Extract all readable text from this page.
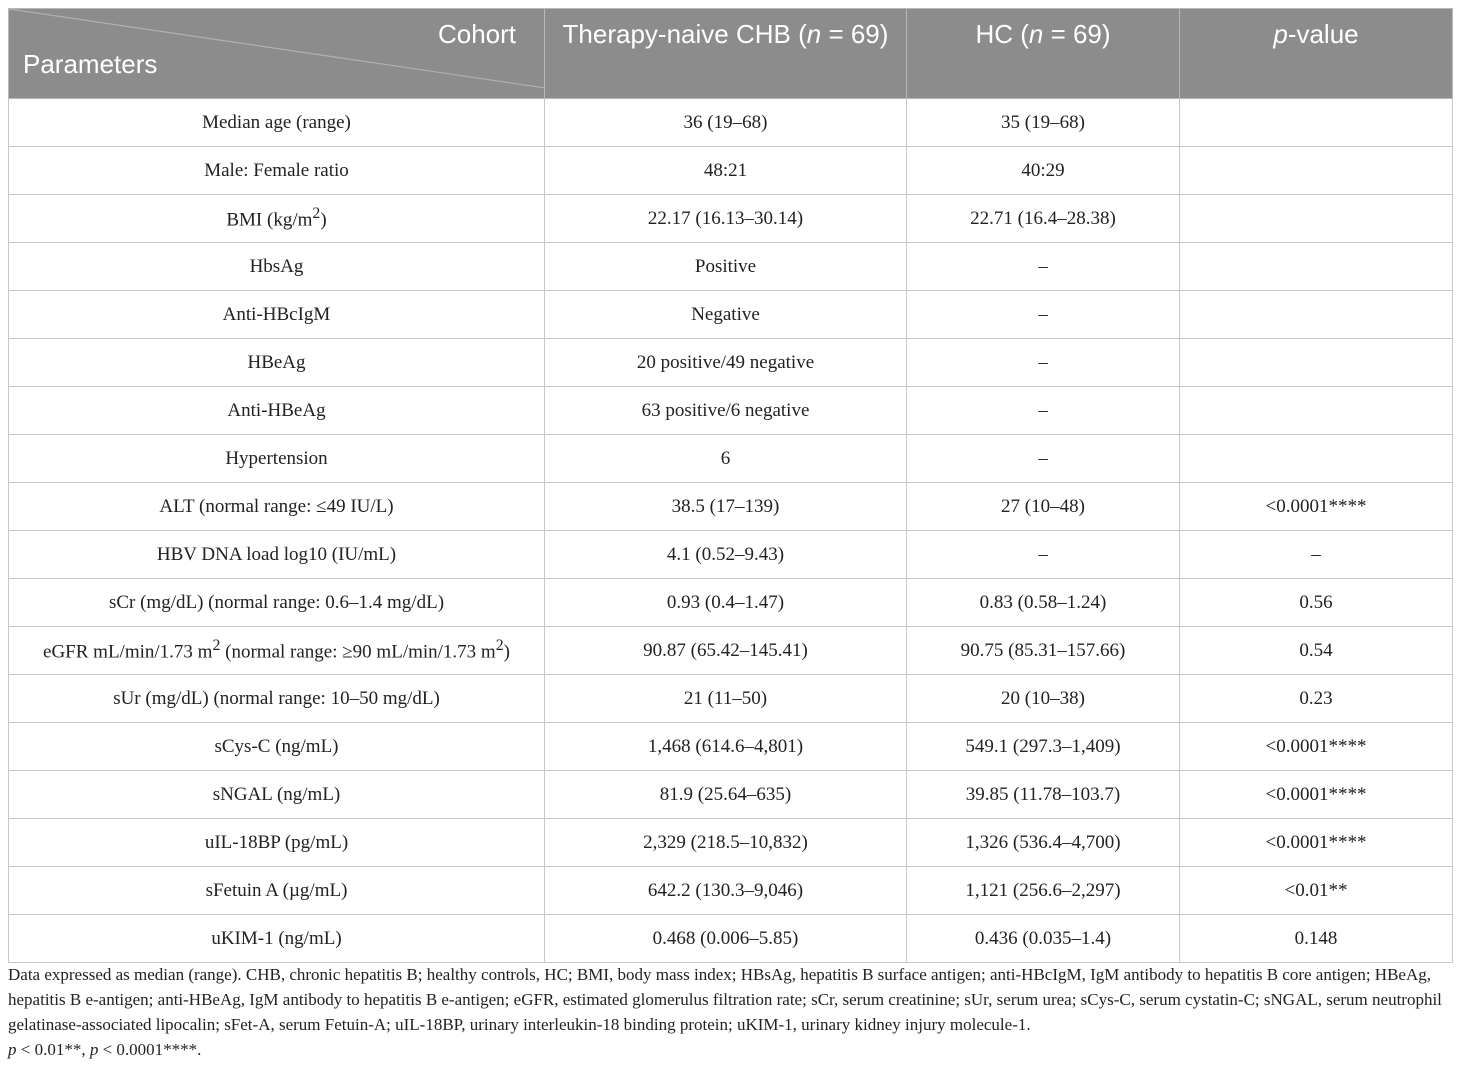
Cohort
Parameters	Therapy-naive CHB (n = 69)	HC (n = 69)	p-value
Median age (range)	36 (19–68)	35 (19–68)	
Male: Female ratio	48:21	40:29	
BMI $(kg/m^2)$	22.17 (16.13–30.14)	22.71 (16.4–28.38)	
HbsAg	Positive	–	
Anti-HBcIgM	Negative	–	
HBeAg	20 positive/49 negative	–	
Anti-HBeAg	63 positive/6 negative	–	
Hypertension	6	–	
ALT (normal range: ≤49 IU/L)	38.5 (17–139)	27 (10–48)	<0.0001****
HBV DNA load log10 (IU/mL)	4.1 (0.52–9.43)	–	–
sCr (mg/dL) (normal range: 0.6–1.4 mg/dL)	0.93 (0.4–1.47)	0.83 (0.58–1.24)	0.56
eGFR mL/min/1.73 $m^2$ (normal range: ≥90 mL/min/1.73 $m^2$)	90.87 (65.42–145.41)	90.75 (85.31–157.66)	0.54
sUr (mg/dL) (normal range: 10–50 mg/dL)	21 (11–50)	20 (10–38)	0.23
sCys-C (ng/mL)	1,468 (614.6–4,801)	549.1 (297.3–1,409)	<0.0001****
sNGAL (ng/mL)	81.9 (25.64–635)	39.85 (11.78–103.7)	<0.0001****
uIL-18BP (pg/mL)	2,329 (218.5–10,832)	1,326 (536.4–4,700)	<0.0001****
sFetuin A (µg/mL)	642.2 (130.3–9,046)	1,121 (256.6–2,297)	<0.01**
uKIM-1 (ng/mL)	0.468 (0.006–5.85)	0.436 (0.035–1.4)	0.148

Data expressed as median (range). CHB, chronic hepatitis B; healthy controls, HC; BMI, body mass index; HBsAg, hepatitis B surface antigen; anti-HBcIgM, IgM antibody to hepatitis B core antigen; HBeAg, hepatitis B e-antigen; anti-HBeAg, IgM antibody to hepatitis B e-antigen; eGFR, estimated glomerulus filtration rate; sCr, serum creatinine; sUr, serum urea; sCys-C, serum cystatin-C; sNGAL, serum neutrophil gelatinase-associated lipocalin; sFet-A, serum Fetuin-A; uIL-18BP, urinary interleukin-18 binding protein; uKIM-1, urinary kidney injury molecule-1.
p < 0.01**, p < 0.0001****.
